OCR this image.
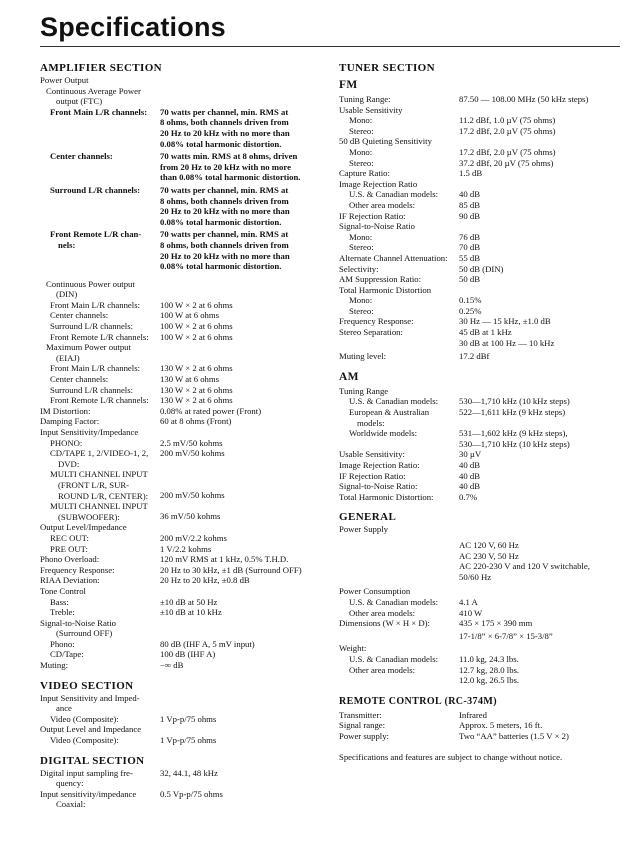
Specifications
AMPLIFIER SECTION
Power Output
Continuous Average Power
output (FTC)
Front Main L/R channels:	70 watts per channel, min. RMS at
8 ohms, both channels driven from
20 Hz to 20 kHz with no more than
0.08% total harmonic distortion.
Center channels:	70 watts min. RMS at 8 ohms, driven
from 20 Hz to 20 kHz with no more
than 0.08% total harmonic distortion.
Surround L/R channels:	70 watts per channel, min. RMS at
8 ohms, both channels driven from
20 Hz to 20 kHz with no more than
0.08% total harmonic distortion.
Front Remote L/R chan-
nels:
70 watts per channel, min. RMS at
8 ohms, both channels driven from
20 Hz to 20 kHz with no more than
0.08% total harmonic distortion.
Continuous Power output
(DIN)
Front Main L/R channels:	100 W × 2 at 6 ohms
Center channels:	100 W at 6 ohms
Surround L/R channels:	100 W × 2 at 6 ohms
Front Remote L/R channels:	100 W × 2 at 6 ohms
Maximum Power output
(EIAJ)
Front Main L/R channels:	130 W × 2 at 6 ohms
Center channels:	130 W at 6 ohms
Surround L/R channels:	130 W × 2 at 6 ohms
Front Remote L/R channels:	130 W × 2 at 6 ohms
IM Distortion:	0.08% at rated power (Front)
Damping Factor:	60 at 8 ohms (Front)
Input Sensitivity/Impedance
PHONO:	2.5 mV/50 kohms
CD/TAPE 1, 2/VIDEO-1, 2,
DVD:
200 mV/50 kohms
MULTI CHANNEL INPUT
(FRONT L/R, SUR-
ROUND L/R, CENTER):	200 mV/50 kohms
MULTI CHANNEL INPUT
(SUBWOOFER):	36 mV/50 kohms
Output Level/Impedance
REC OUT:	200 mV/2.2 kohms
PRE OUT:	1 V/2.2 kohms
Phono Overload:	120 mV RMS at 1 kHz, 0.5% T.H.D.
Frequency Response:	20 Hz to 30 kHz, ±1 dB (Surround OFF)
RIAA Deviation:	20 Hz to 20 kHz, ±0.8 dB
Tone Control
Bass:	±10 dB at 50 Hz
Treble:	±10 dB at 10 kHz
Signal-to-Noise Ratio
(Surround OFF)
Phono:	80 dB (IHF A, 5 mV input)
CD/Tape:	100 dB (IHF A)
Muting:	−∞ dB
VIDEO SECTION
Input Sensitivity and Imped-
ance
Video (Composite):	1 Vp-p/75 ohms
Output Level and Impedance
Video (Composite):	1 Vp-p/75 ohms
DIGITAL SECTION
Digital input sampling fre-
quency:
32, 44.1, 48 kHz
Input sensitivity/impedance	0.5 Vp-p/75 ohms
Coaxial:
TUNER SECTION
FM
Tuning Range:	87.50 — 108.00 MHz (50 kHz steps)
Usable Sensitivity
Mono:	11.2 dBf, 1.0 µV (75 ohms)
Stereo:	17.2 dBf, 2.0 µV (75 ohms)
50 dB Quieting Sensitivity
Mono:	17.2 dBf, 2.0 µV (75 ohms)
Stereo:	37.2 dBf, 20 µV (75 ohms)
Capture Ratio:	1.5 dB
Image Rejection Ratio
U.S. & Canadian models:	40 dB
Other area models:	85 dB
IF Rejection Ratio:	90 dB
Signal-to-Noise Ratio
Mono:	76 dB
Stereo:	70 dB
Alternate Channel Attenuation:	55 dB
Selectivity:	50 dB (DIN)
AM Suppression Ratio:	50 dB
Total Harmonic Distortion
Mono:	0.15%
Stereo:	0.25%
Frequency Response:	30 Hz — 15 kHz, ±1.0 dB
Stereo Separation:	45 dB at 1 kHz
30 dB at 100 Hz — 10 kHz
Muting level:	17.2 dBf
AM
Tuning Range
U.S. & Canadian models:	530—1,710 kHz (10 kHz steps)
European & Australian
models:
522—1,611 kHz (9 kHz steps)
Worldwide models:	531—1,602 kHz (9 kHz steps),
530—1,710 kHz (10 kHz steps)
Usable Sensitivity:	30 µV
Image Rejection Ratio:	40 dB
IF Rejection Ratio:	40 dB
Signal-to-Noise Ratio:	40 dB
Total Harmonic Distortion:	0.7%
GENERAL
Power Supply
AC 120 V, 60 Hz
AC 230 V, 50 Hz
AC 220-230 V and 120 V switchable,
50/60 Hz
Power Consumption
U.S. & Canadian models:	4.1 A
Other area models:	410 W
Dimensions (W × H × D):	435 × 175 × 390 mm
17-1/8” × 6-7/8” × 15-3/8”
Weight:
U.S. & Canadian models:	11.0 kg, 24.3 lbs.
Other area models:	12.7 kg, 28.0 lbs.
12.0 kg, 26.5 lbs.
REMOTE CONTROL (RC-374M)
Transmitter:	Infrared
Signal range:	Approx. 5 meters, 16 ft.
Power supply:	Two “AA” batteries (1.5 V × 2)
Specifications and features are subject to change without notice.
